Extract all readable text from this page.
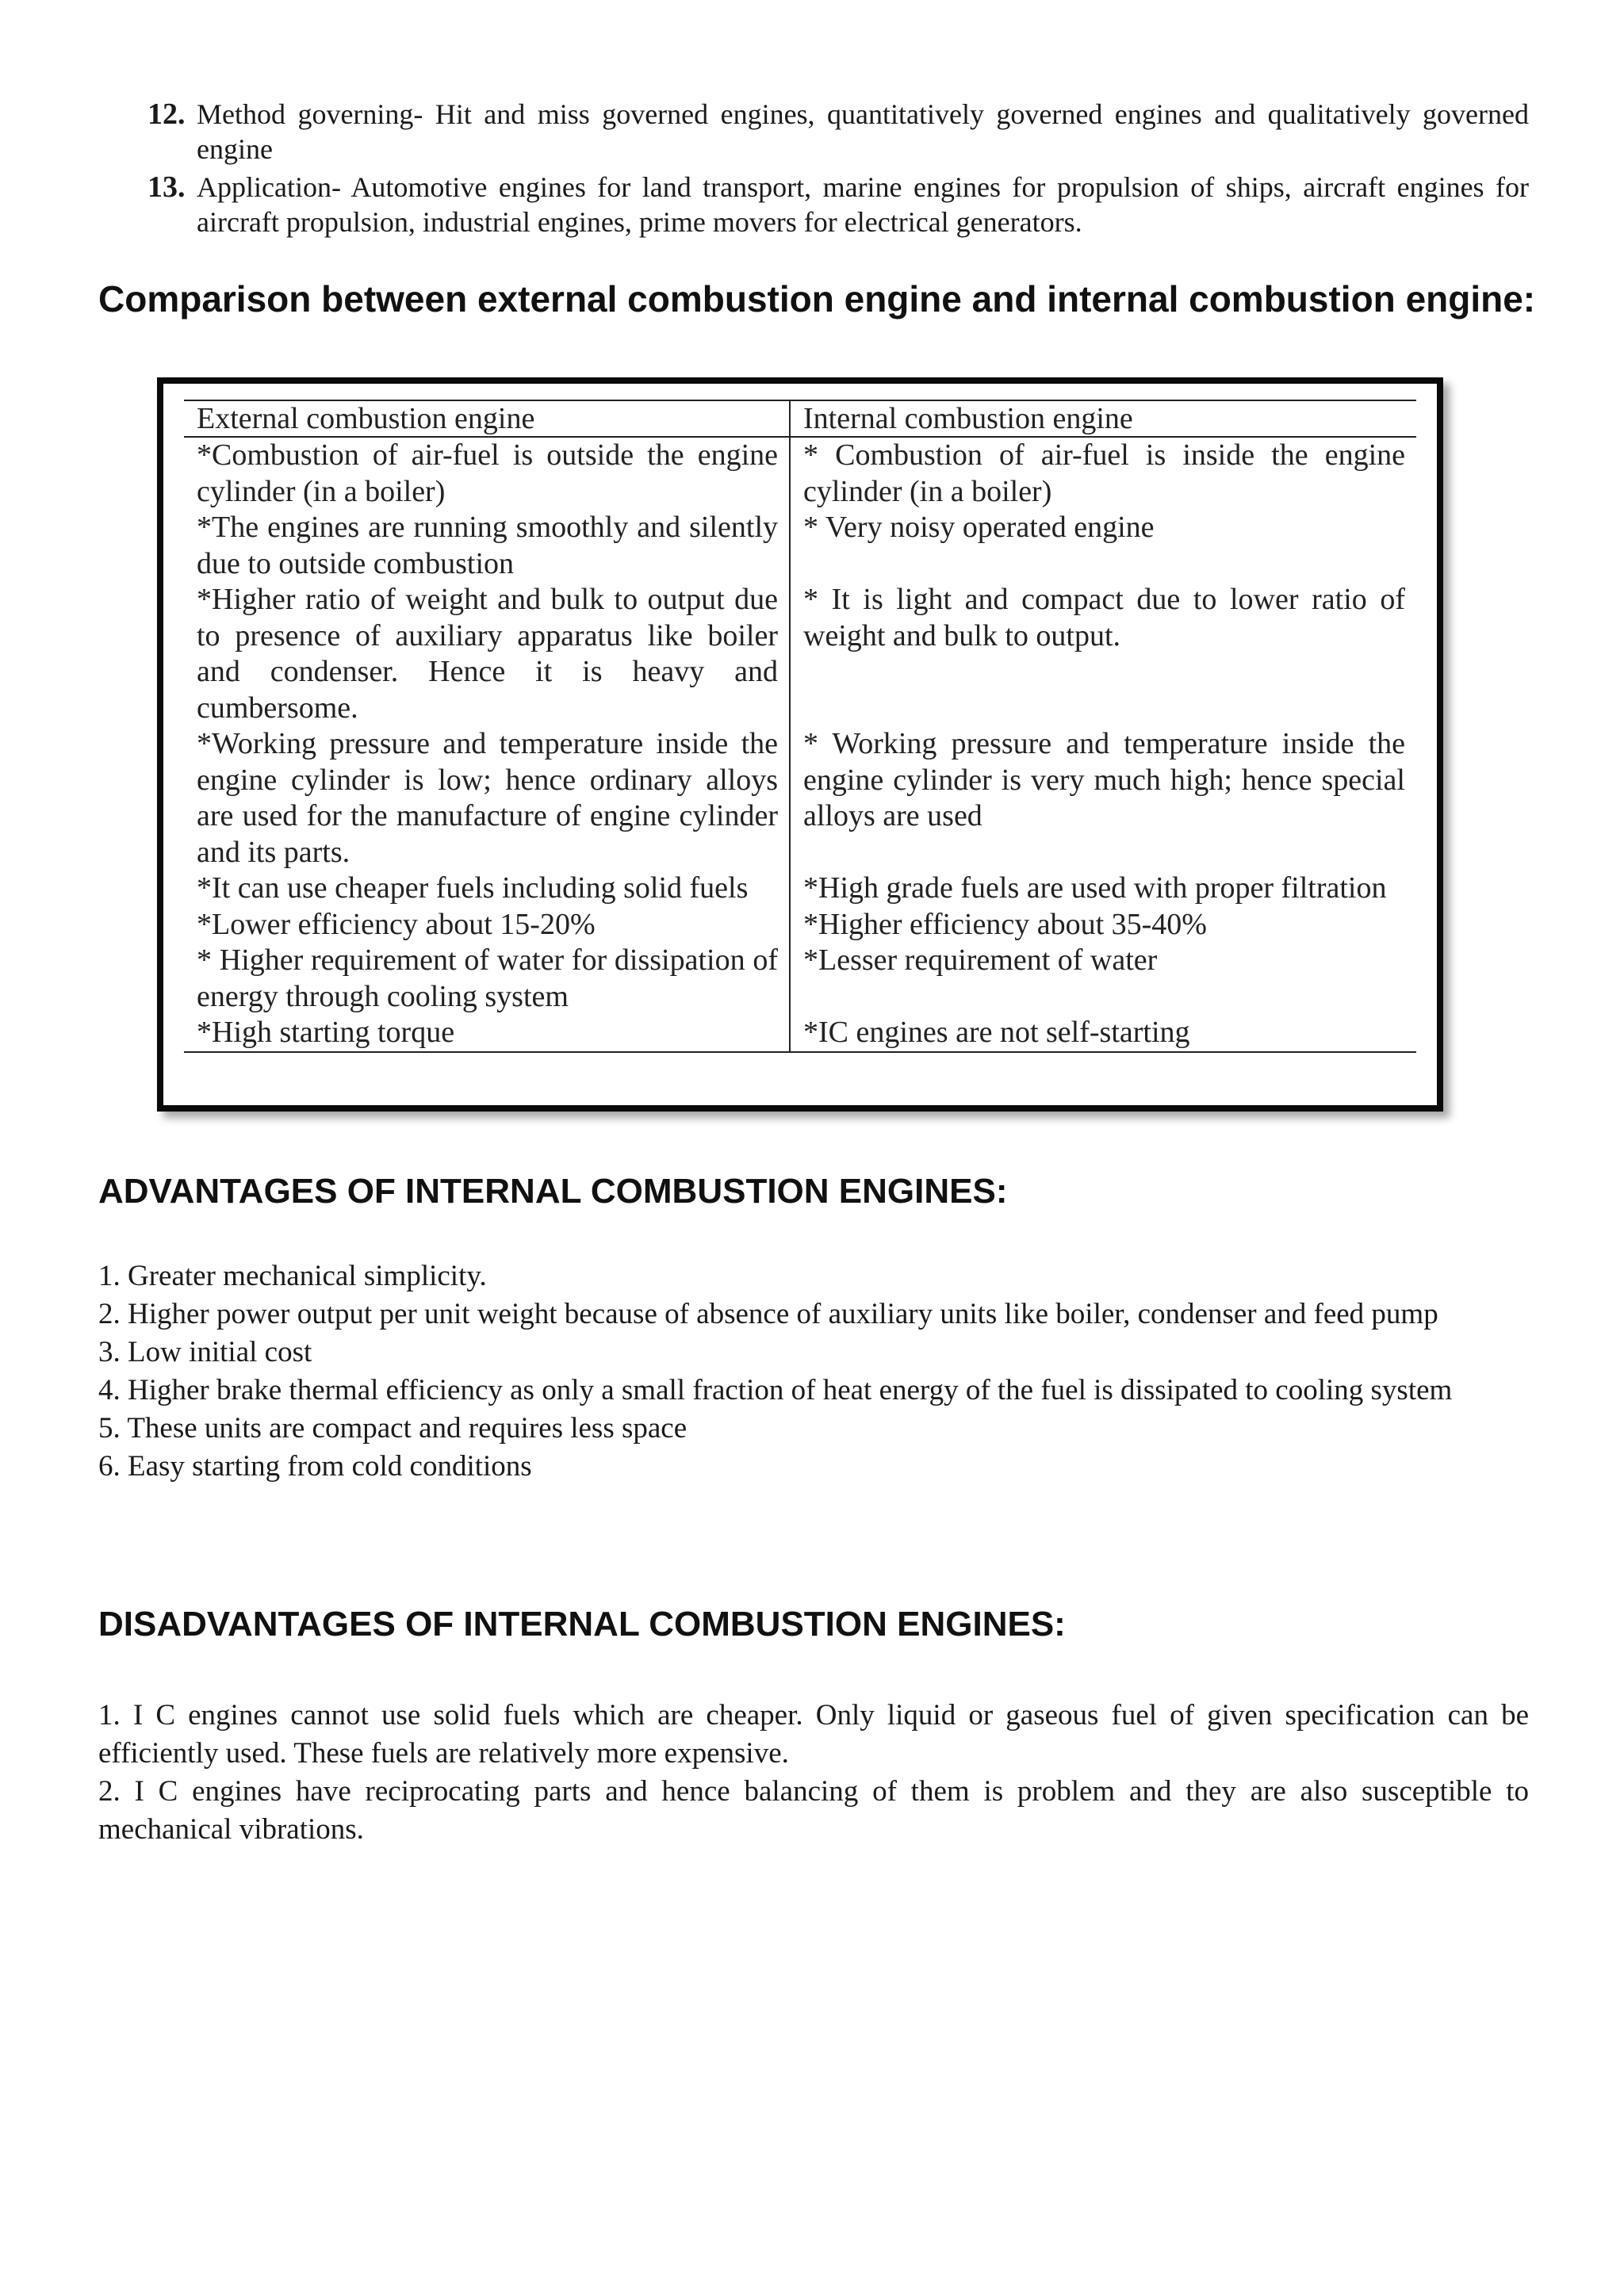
12. Method governing- Hit and miss governed engines, quantitatively governed engines and qualitatively governed engine
13. Application- Automotive engines for land transport, marine engines for propulsion of ships, aircraft engines for aircraft propulsion, industrial engines, prime movers for electrical generators.
Comparison between external combustion engine and internal combustion engine:
External combustion engine	Internal combustion engine
*Combustion of air-fuel is outside the engine cylinder (in a boiler)	* Combustion of air-fuel is inside the engine cylinder (in a boiler)
*The engines are running smoothly and silently due to outside combustion	* Very noisy operated engine
*Higher ratio of weight and bulk to output due to presence of auxiliary apparatus like boiler and condenser. Hence it is heavy and cumbersome.	* It is light and compact due to lower ratio of weight and bulk to output.
*Working pressure and temperature inside the engine cylinder is low; hence ordinary alloys are used for the manufacture of engine cylinder and its parts.	* Working pressure and temperature inside the engine cylinder is very much high; hence special alloys are used
*It can use cheaper fuels including solid fuels	*High grade fuels are used with proper filtration
*Lower efficiency about 15-20%	*Higher efficiency about 35-40%
* Higher requirement of water for dissipation of energy through cooling system	*Lesser requirement of water
*High starting torque	*IC engines are not self-starting
ADVANTAGES OF INTERNAL COMBUSTION ENGINES:

1. Greater mechanical simplicity.

2. Higher power output per unit weight because of absence of auxiliary units like boiler, condenser and feed pump

3. Low initial cost

4. Higher brake thermal efficiency as only a small fraction of heat energy of the fuel is dissipated to cooling system

5. These units are compact and requires less space

6. Easy starting from cold conditions

DISADVANTAGES OF INTERNAL COMBUSTION ENGINES:

1. I C engines cannot use solid fuels which are cheaper. Only liquid or gaseous fuel of given specification can be efficiently used. These fuels are relatively more expensive.

2. I C engines have reciprocating parts and hence balancing of them is problem and they are also susceptible to mechanical vibrations.
